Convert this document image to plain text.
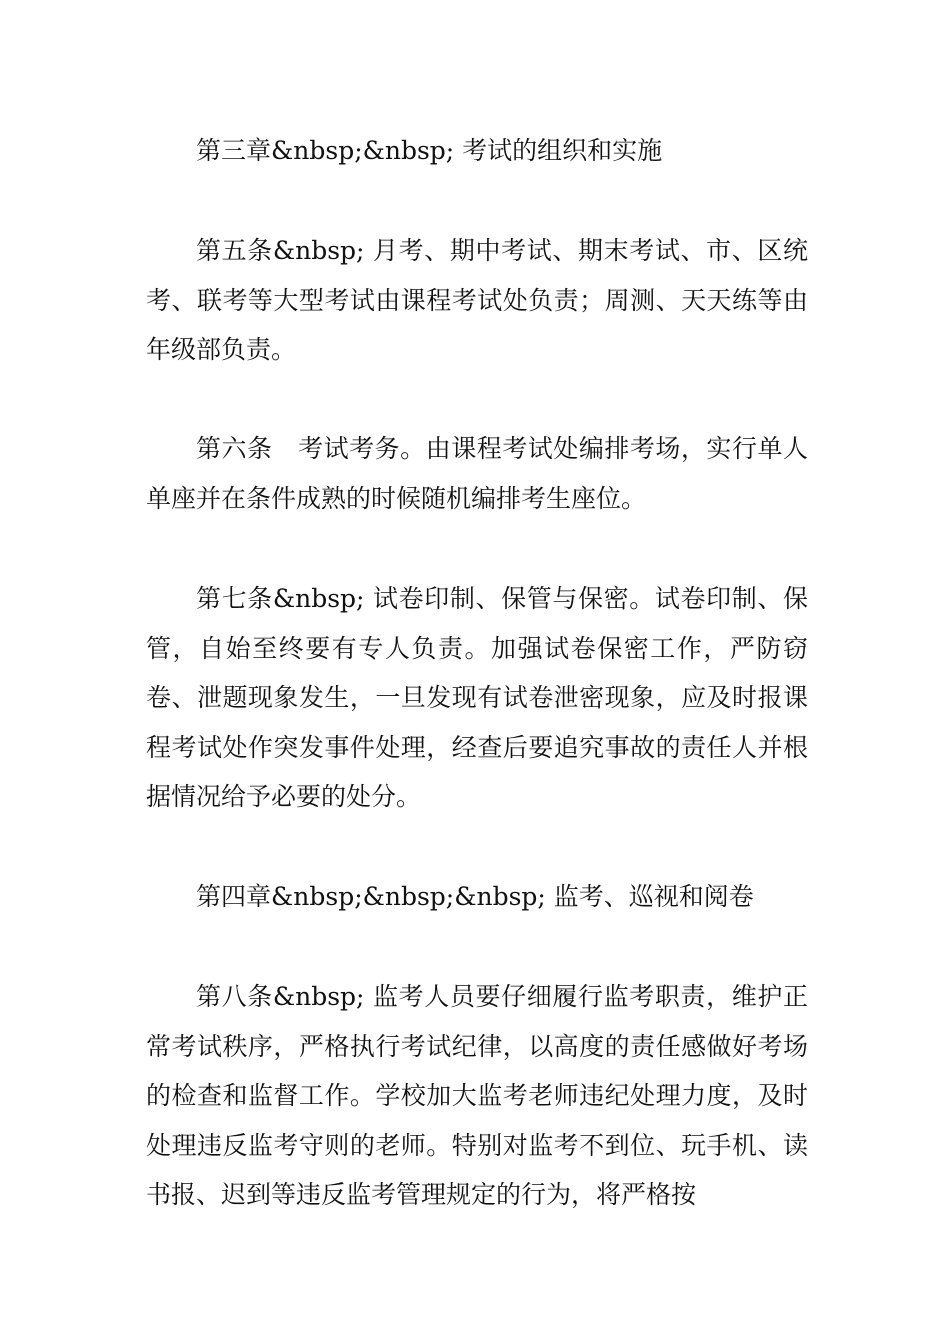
第三章&nbsp;&nbsp; 考试的组织和实施

第五条&nbsp; 月考、期中考试、期末考试、市、区统考、联考等大型考试由课程考试处负责；周测、天天练等由年级部负责。

第六条　考试考务。由课程考试处编排考场，实行单人单座并在条件成熟的时候随机编排考生座位。

第七条&nbsp; 试卷印制、保管与保密。试卷印制、保管，自始至终要有专人负责。加强试卷保密工作，严防窃卷、泄题现象发生，一旦发现有试卷泄密现象，应及时报课程考试处作突发事件处理，经查后要追究事故的责任人并根据情况给予必要的处分。

第四章&nbsp;&nbsp;&nbsp; 监考、巡视和阅卷

第八条&nbsp; 监考人员要仔细履行监考职责，维护正常考试秩序，严格执行考试纪律，以高度的责任感做好考场的检查和监督工作。学校加大监考老师违纪处理力度，及时处理违反监考守则的老师。特别对监考不到位、玩手机、读书报、迟到等违反监考管理规定的行为，将严格按
